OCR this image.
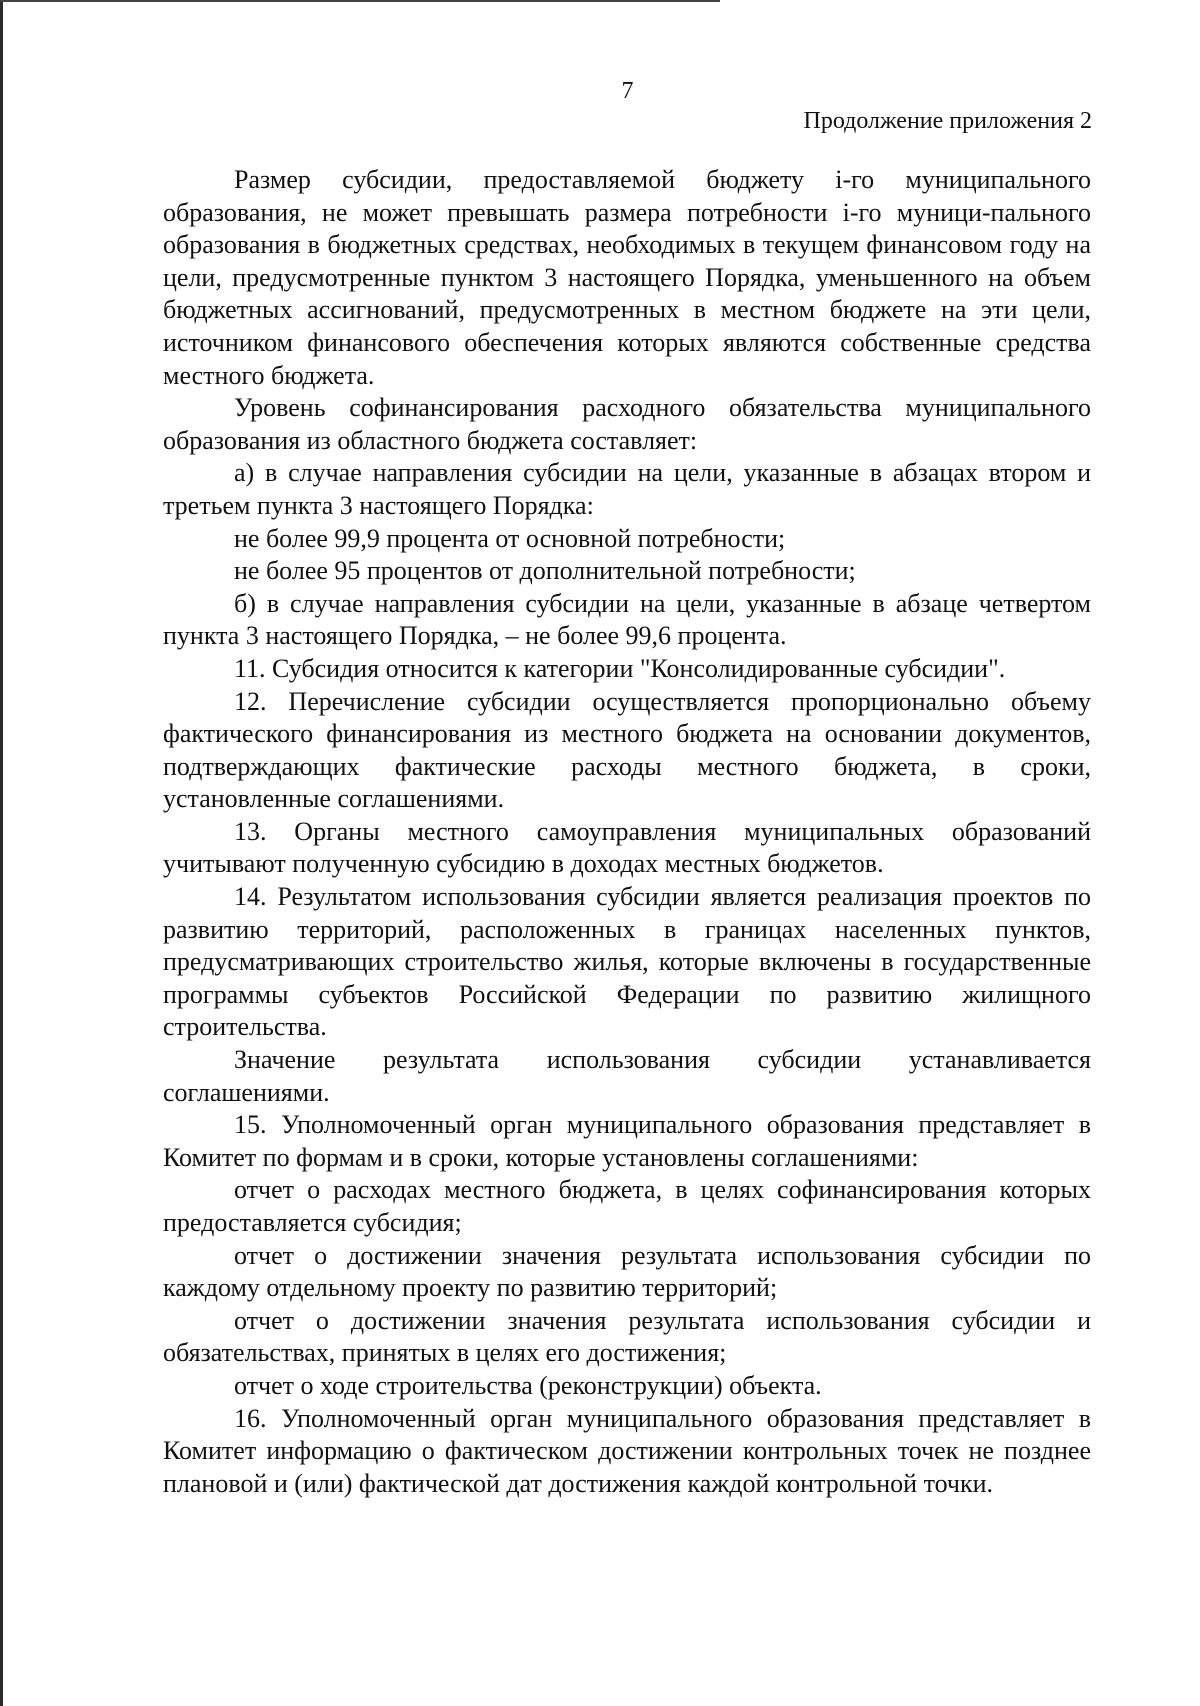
7
Продолжение приложения 2

Размер субсидии, предоставляемой бюджету i-го муниципального образования, не может превышать размера потребности i-го муници-пального образования в бюджетных средствах, необходимых в текущем финансовом году на цели, предусмотренные пунктом 3 настоящего Порядка, уменьшенного на объем бюджетных ассигнований, предусмотренных в местном бюджете на эти цели, источником финансового обеспечения которых являются собственные средства местного бюджета.

Уровень софинансирования расходного обязательства муниципального образования из областного бюджета составляет:

а) в случае направления субсидии на цели, указанные в абзацах втором и третьем пункта 3 настоящего Порядка:

не более 99,9 процента от основной потребности;

не более 95 процентов от дополнительной потребности;

б) в случае направления субсидии на цели, указанные в абзаце четвертом пункта 3 настоящего Порядка, – не более 99,6 процента.

11. Субсидия относится к категории "Консолидированные субсидии".

12. Перечисление субсидии осуществляется пропорционально объему фактического финансирования из местного бюджета на основании документов, подтверждающих фактические расходы местного бюджета, в сроки, установленные соглашениями.

13. Органы местного самоуправления муниципальных образований учитывают полученную субсидию в доходах местных бюджетов.

14. Результатом использования субсидии является реализация проектов по развитию территорий, расположенных в границах населенных пунктов, предусматривающих строительство жилья, которые включены в государственные программы субъектов Российской Федерации по развитию жилищного строительства.

Значение результата использования субсидии устанавливается соглашениями.

15. Уполномоченный орган муниципального образования представляет в Комитет по формам и в сроки, которые установлены соглашениями:

отчет о расходах местного бюджета, в целях софинансирования которых предоставляется субсидия;

отчет о достижении значения результата использования субсидии по каждому отдельному проекту по развитию территорий;

отчет о достижении значения результата использования субсидии и обязательствах, принятых в целях его достижения;

отчет о ходе строительства (реконструкции) объекта.

16. Уполномоченный орган муниципального образования представляет в Комитет информацию о фактическом достижении контрольных точек не позднее плановой и (или) фактической дат достижения каждой контрольной точки.
